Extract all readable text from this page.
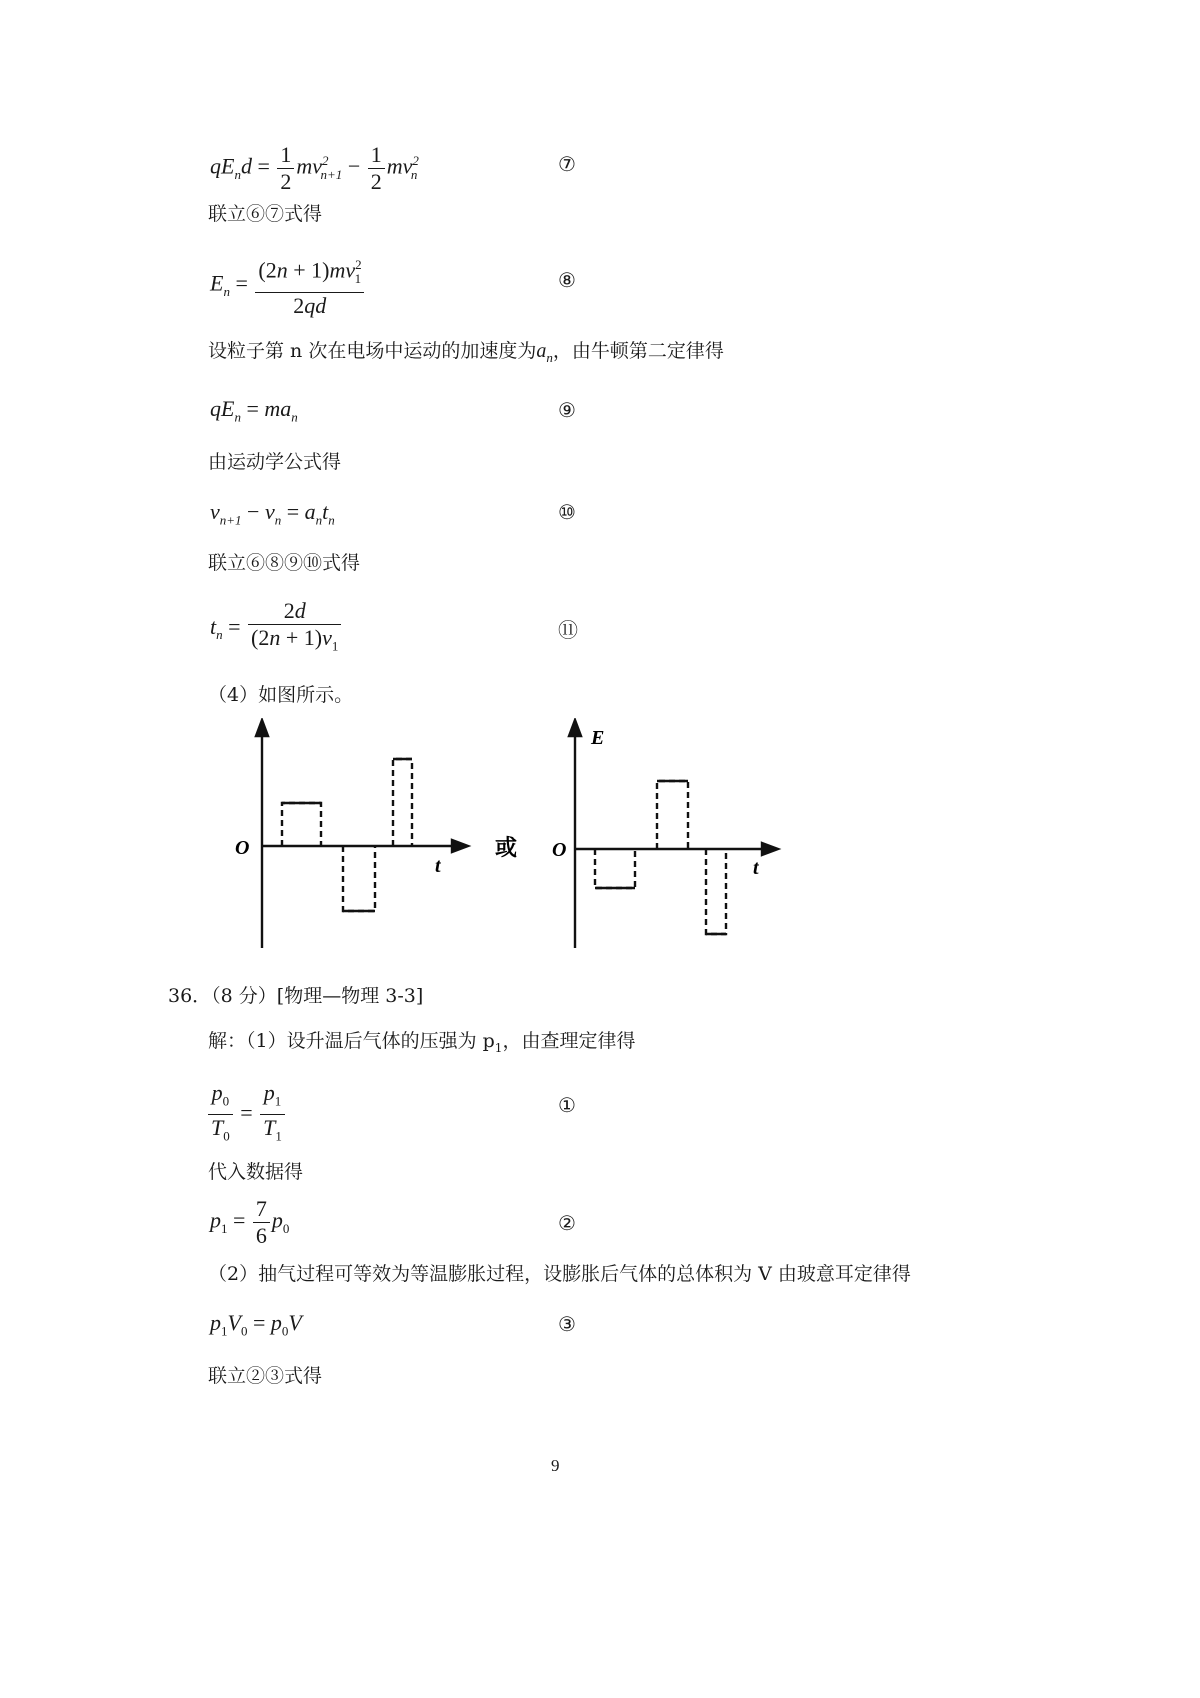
$qE_nd = \frac{1}{2} mv^2_{n+1} - \frac{1}{2} mv^2_n$	⑦
联立⑥⑦式得
$E_n = \frac{(2n + 1)mv^2_1}{2qd}$	⑧
设粒子第 n 次在电场中运动的加速度为$a_n$，由牛顿第二定律得
$qE_n = ma_n$	⑨
由运动学公式得
$v_{n+1} - v_n = a_nt_n$	⑩
联立⑥⑧⑨⑩式得
$t_n = \frac{2d}{(2n + 1)v_1}$	⑪
（4）如图所示。
O
t
或 O
E
t
36．（8 分）[物理—物理 3-3]
解：（1）设升温后气体的压强为 $p_1$，由查理定律得
$\frac{p_0}{T_0} = \frac{p_1}{T_1}$	①
代入数据得
$p_1 = \frac{7}{6} p_0$	②
（2）抽气过程可等效为等温膨胀过程，设膨胀后气体的总体积为 V 由玻意耳定律得
$p_1V_0 = p_0V$	③
联立②③式得
9
